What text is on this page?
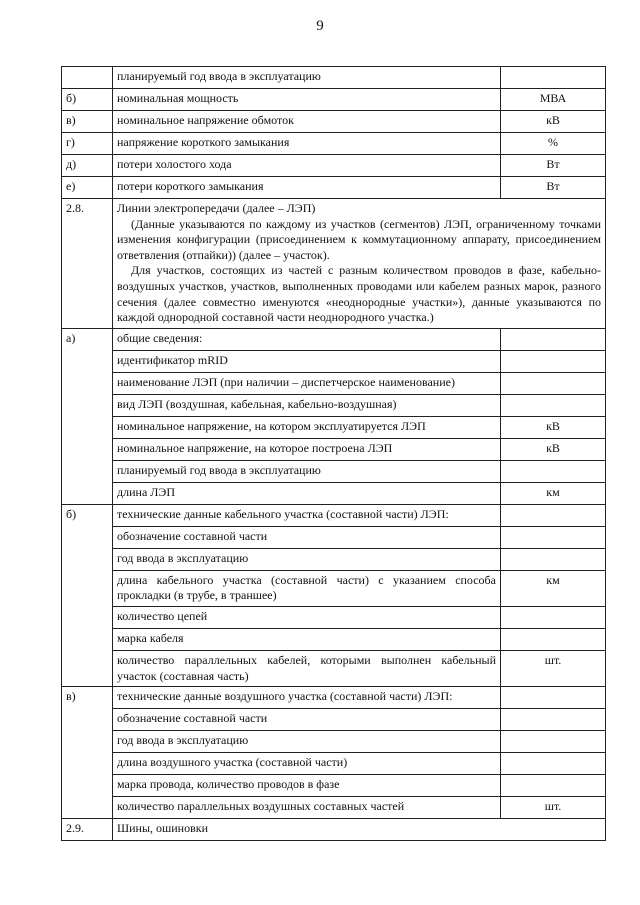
9
	планируемый год ввода в эксплуатацию	
б)	номинальная мощность	МВА
в)	номинальное напряжение обмоток	кВ
г)	напряжение короткого замыкания	%
д)	потери холостого хода	Вт
е)	потери короткого замыкания	Вт
2.8.	Линии электропередачи (далее – ЛЭП)

(Данные указываются по каждому из участков (сегментов) ЛЭП, ограниченному точками изменения конфигурации (присоединением к коммутационному аппарату, присоединением ответвления (отпайки)) (далее – участок).

Для участков, состоящих из частей с разным количеством проводов в фазе, кабельно-воздушных участков, участков, выполненных проводами или кабелем разных марок, разного сечения (далее совместно именуются «неоднородные участки»), данные указываются по каждой однородной составной части неоднородного участка.)	

а)	общие сведения:	
	идентификатор mRID	
	наименование ЛЭП (при наличии – диспетчерское наименование)	
	вид ЛЭП (воздушная, кабельная, кабельно-воздушная)	
	номинальное напряжение, на котором эксплуатируется ЛЭП	кВ
	номинальное напряжение, на которое построена ЛЭП	кВ
	планируемый год ввода в эксплуатацию	
	длина ЛЭП	км
б)	технические данные кабельного участка (составной части) ЛЭП:	
	обозначение составной части	
	год ввода в эксплуатацию	
	длина кабельного участка (составной части) с указанием способа прокладки (в трубе, в траншее)	км
	количество цепей	
	марка кабеля	
	количество параллельных кабелей, которыми выполнен кабельный участок (составная часть)	шт.
в)	технические данные воздушного участка (составной части) ЛЭП:	
	обозначение составной части	
	год ввода в эксплуатацию	
	длина воздушного участка (составной части)	
	марка провода, количество проводов в фазе	
	количество параллельных воздушных составных частей	шт.
2.9.	Шины, ошиновки	
